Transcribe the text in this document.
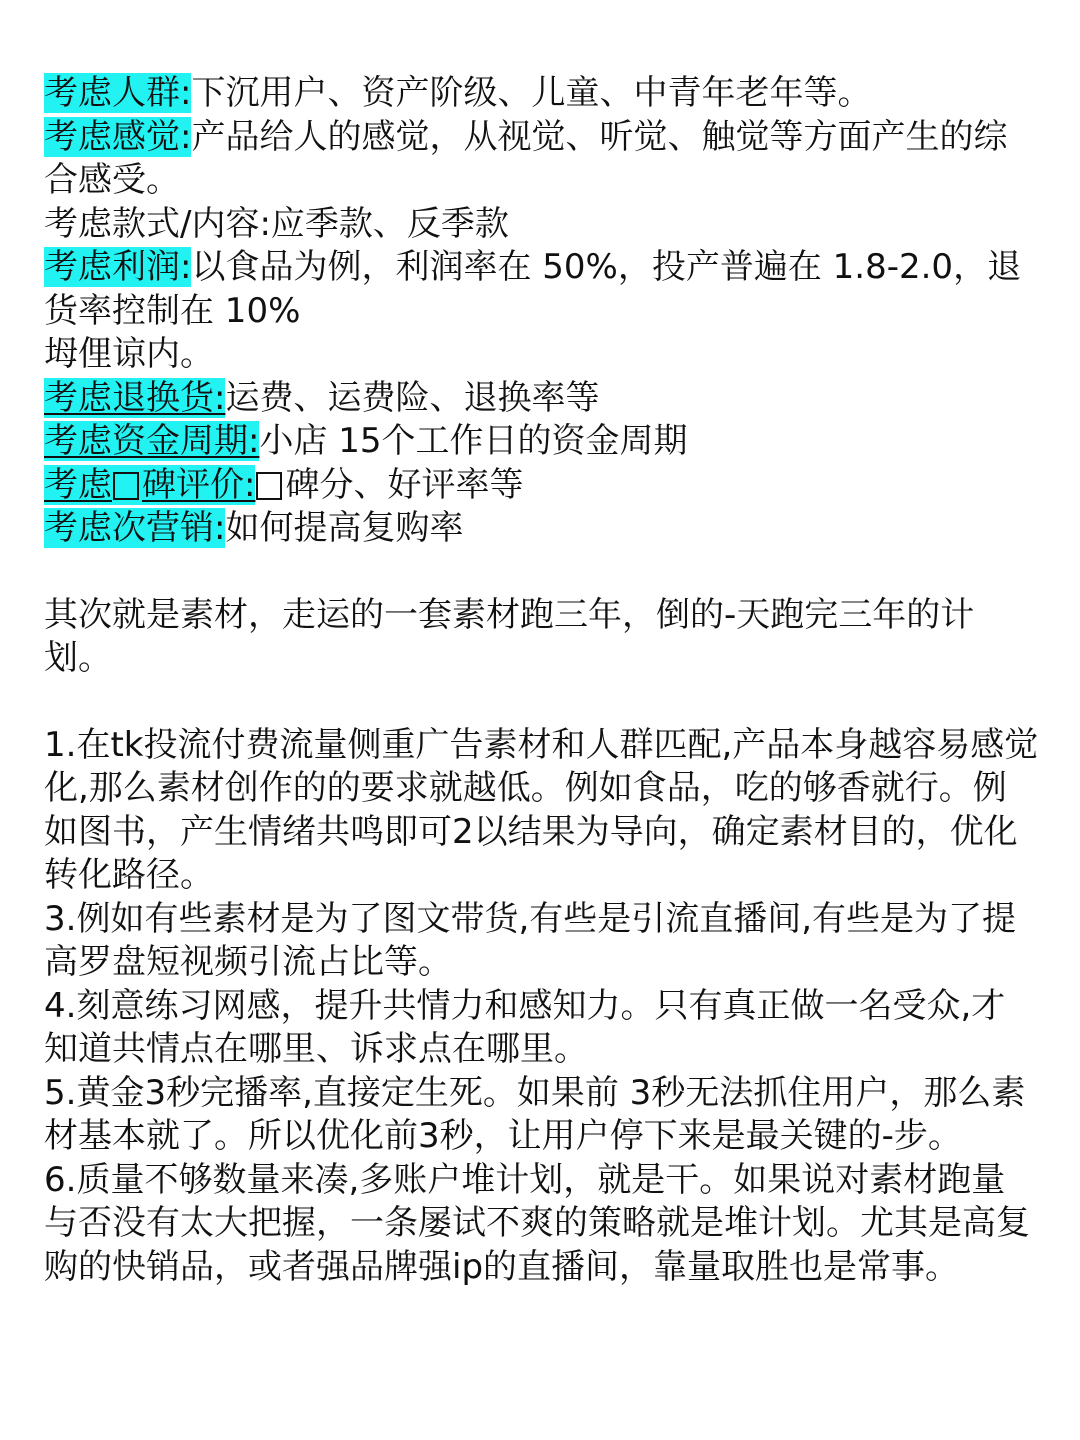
考虑人群:下沉用户、资产阶级、儿童、中青年老年等。

考虑感觉:产品给人的感觉，从视觉、听觉、触觉等方面产生的综合感受。

考虑款式/内容:应季款、反季款

考虑利润:以食品为例，利润率在 50%，投产普遍在 1.8-2.0，退货率控制在 10%

坶俚谅内。

考虑退换货:运费、运费险、退换率等

考虑资金周期:小店 15个工作日的资金周期

考虑 碑评价: 碑分、好评率等

考虑次营销:如何提高复购率

其次就是素材，走运的一套素材跑三年，倒的-天跑完三年的计划。

1.在tk投流付费流量侧重广告素材和人群匹配,产品本身越容易感觉化,那么素材创作的的要求就越低。例如食品，吃的够香就行。例如图书，产生情绪共鸣即可2以结果为导向，确定素材目的，优化转化路径。

3.例如有些素材是为了图文带货,有些是引流直播间,有些是为了提高罗盘短视频引流占比等。

4.刻意练习网感，提升共情力和感知力。只有真正做一名受众,才知道共情点在哪里、诉求点在哪里。

5.黄金3秒完播率,直接定生死。如果前 3秒无法抓住用户，那么素材基本就了。所以优化前3秒，让用户停下来是最关键的-步。

6.质量不够数量来凑,多账户堆计划，就是干。如果说对素材跑量与否没有太大把握，一条屡试不爽的策略就是堆计划。尤其是高复购的快销品，或者强品牌强ip的直播间，靠量取胜也是常事。
